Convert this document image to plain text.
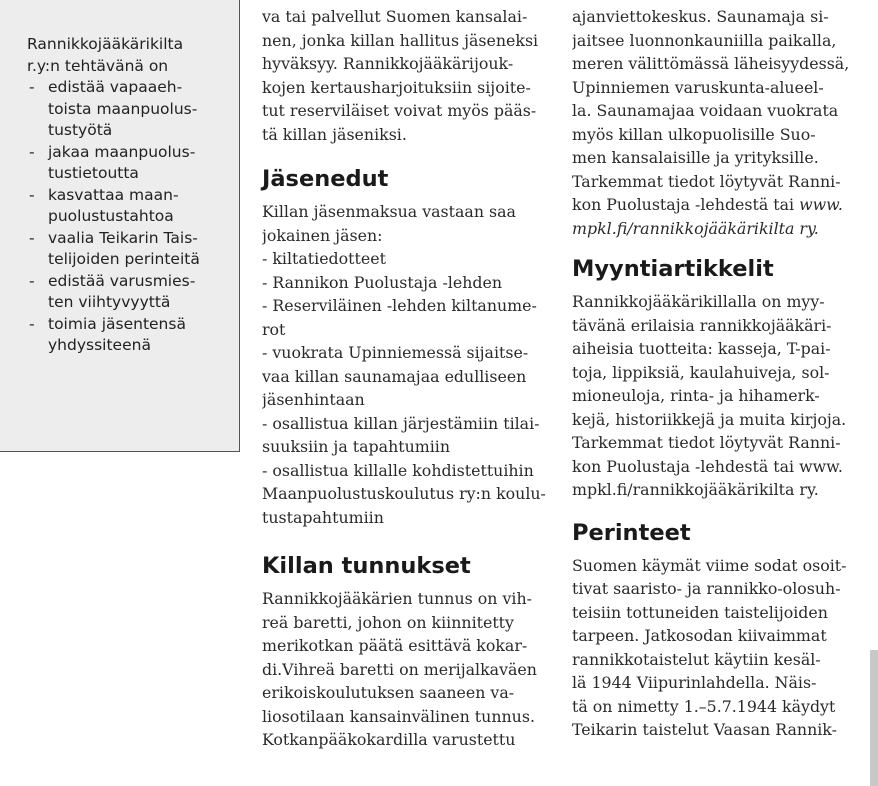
Rannikkojääkärikilta
r.y:n tehtävänä on

- edistää vapaaeh-
toista maanpuolus-
tustyötä
- jakaa maanpuolus-
tustietoutta
- kasvattaa maan-
puolustustahtoa
- vaalia Teikarin Tais-
telijoiden perinteitä
- edistää varusmies-
ten viihtyvyyttä
- toimia jäsentensä
yhdyssiteenä
va tai palvellut Suomen kansalai-
nen, jonka killan hallitus jäseneksi
hyväksyy. Rannikkojääkärijouk-
kojen kertausharjoituksiin sijoite-
tut reserviläiset voivat myös pääs-
tä killan jäseniksi.
Jäsenedut
Killan jäsenmaksua vastaan saa
jokainen jäsen:
- kiltatiedotteet
- Rannikon Puolustaja -lehden
- Reserviläinen -lehden kiltanume-
rot
- vuokrata Upinniemessä sijaitse-
vaa killan saunamajaa edulliseen
jäsenhintaan
- osallistua killan järjestämiin tilai-
suuksiin ja tapahtumiin
- osallistua killalle kohdistettuihin
Maanpuolustuskoulutus ry:n koulu-
tustapahtumiin
Killan tunnukset
Rannikkojääkärien tunnus on vih-
reä baretti, johon on kiinnitetty
merikotkan päätä esittävä kokar-
di.Vihreä baretti on merijalkaväen
erikoiskoulutuksen saaneen va-
liosotilaan kansainvälinen tunnus.
Kotkanpääkokardilla varustettu
ajanviettokeskus. Saunamaja si-
jaitsee luonnonkauniilla paikalla,
meren välittömässä läheisyydessä,
Upinniemen varuskunta-alueel-
la. Saunamajaa voidaan vuokrata
myös killan ulkopuolisille Suo-
men kansalaisille ja yrityksille.
Tarkemmat tiedot löytyvät Ranni-
kon Puolustaja -lehdestä tai www.
mpkl.fi/rannikkojääkärikilta ry.
Myyntiartikkelit
Rannikkojääkärikillalla on myy-
tävänä erilaisia rannikkojääkäri-
aiheisia tuotteita: kasseja, T-pai-
toja, lippiksiä, kaulahuiveja, sol-
mioneuloja, rinta- ja hihamerk-
kejä, historiikkejä ja muita kirjoja.
Tarkemmat tiedot löytyvät Ranni-
kon Puolustaja -lehdestä tai www.
mpkl.fi/rannikkojääkärikilta ry.
Perinteet
Suomen käymät viime sodat osoit-
tivat saaristo- ja rannikko-olosuh-
teisiin tottuneiden taistelijoiden
tarpeen. Jatkosodan kiivaimmat
rannikkotaistelut käytiin kesäl-
lä 1944 Viipurinlahdella. Näis-
tä on nimetty 1.–5.7.1944 käydyt
Teikarin taistelut Vaasan Rannik-
